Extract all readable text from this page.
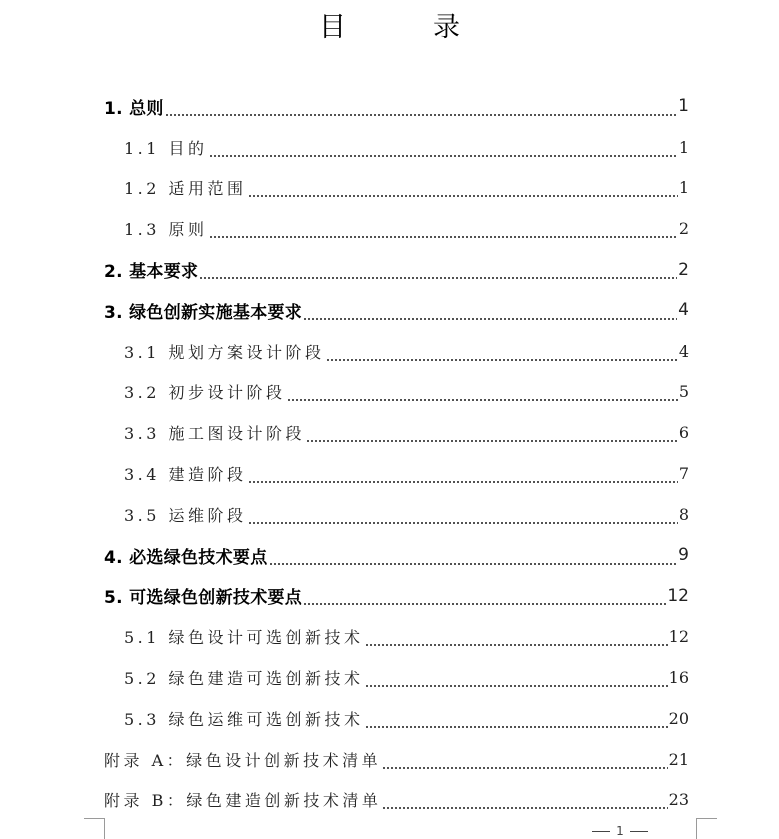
目　录
1. 总则	1
1.1 目的	1
1.2 适用范围	1
1.3 原则	2
2. 基本要求	2
3. 绿色创新实施基本要求	4
3.1 规划方案设计阶段	4
3.2 初步设计阶段	5
3.3 施工图设计阶段	6
3.4 建造阶段	7
3.5 运维阶段	8
4. 必选绿色技术要点	9
5. 可选绿色创新技术要点	12
5.1 绿色设计可选创新技术	12
5.2 绿色建造可选创新技术	16
5.3 绿色运维可选创新技术	20
附录 A：绿色设计创新技术清单	21
附录 B：绿色建造创新技术清单	23
1
